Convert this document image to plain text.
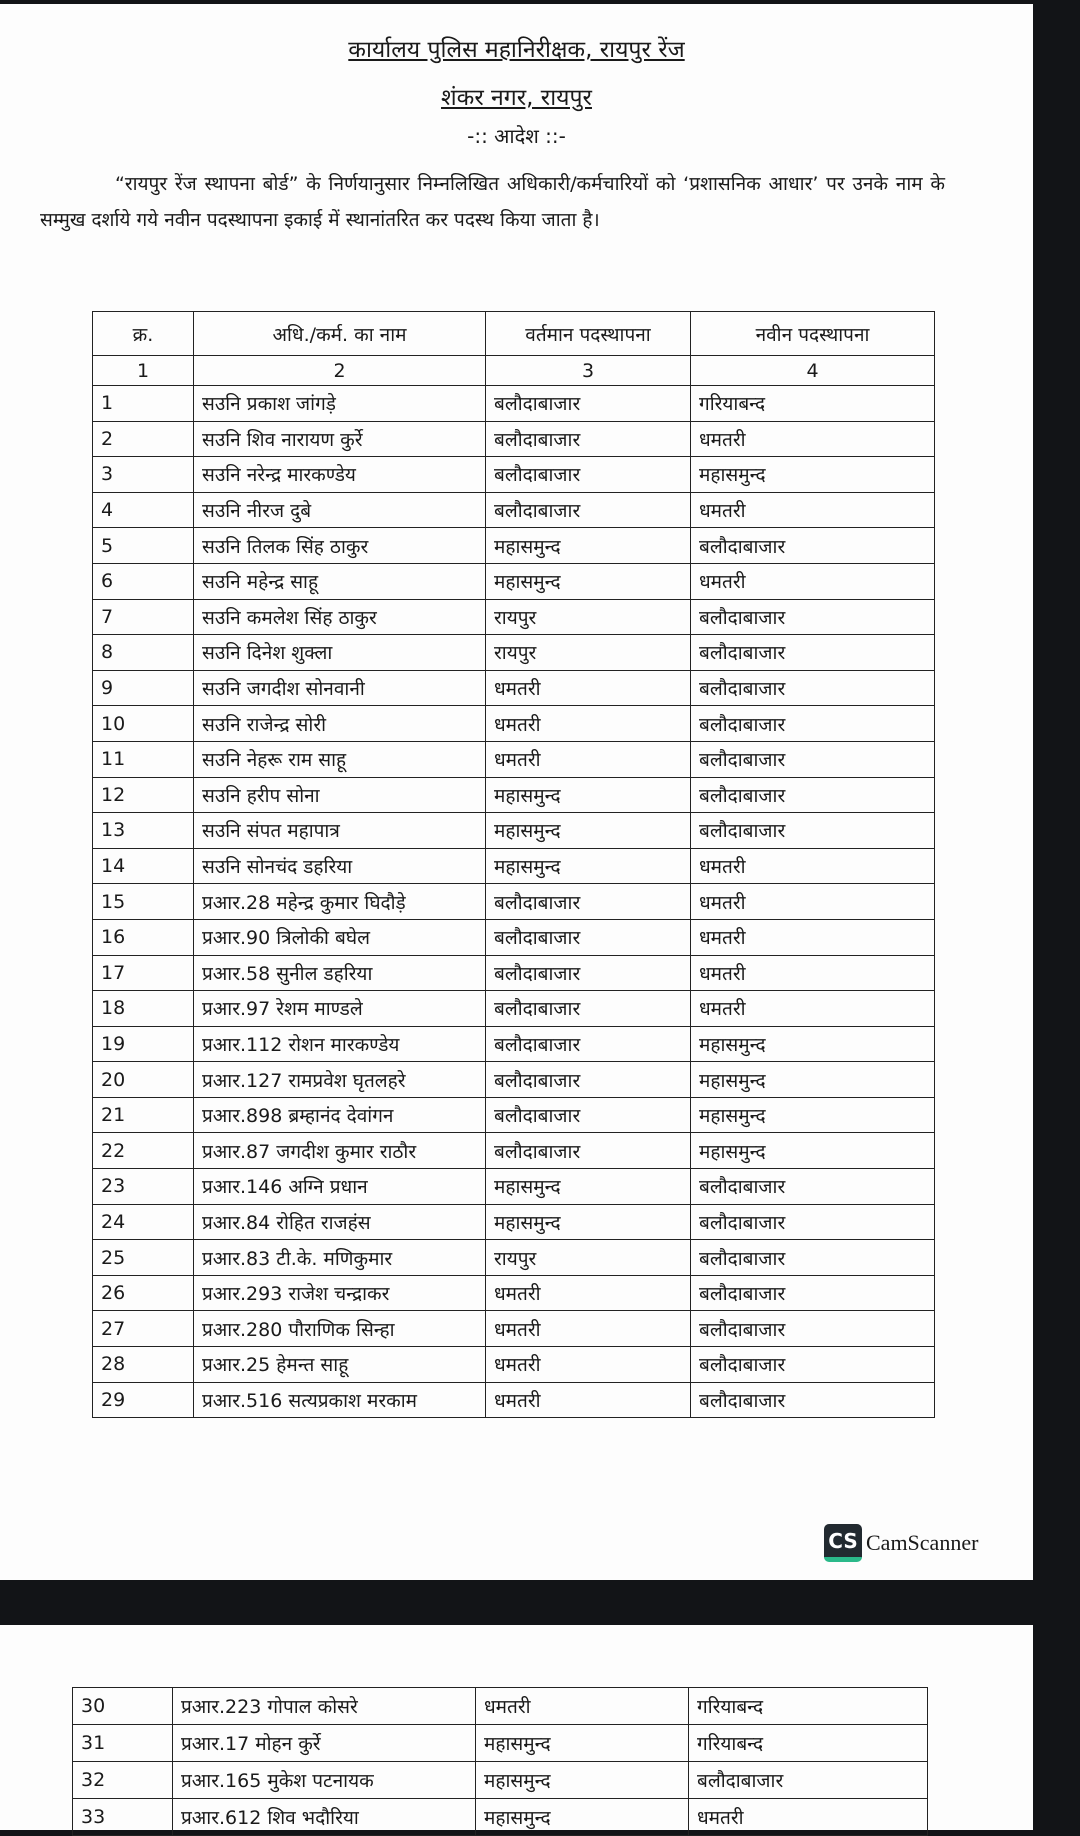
कार्यालय पुलिस महानिरीक्षक, रायपुर रेंज
शंकर नगर, रायपुर
-:: आदेश ::-
“रायपुर रेंज स्थापना बोर्ड” के निर्णयानुसार निम्नलिखित अधिकारी/कर्मचारियों को ‘प्रशासनिक आधार’ पर उनके नाम के सम्मुख दर्शाये गये नवीन पदस्थापना इकाई में स्थानांतरित कर पदस्थ किया जाता है।
क्र.	अधि./कर्म. का नाम	वर्तमान पदस्थापना	नवीन पदस्थापना
1	2	3	4
1	सउनि प्रकाश जांगड़े	बलौदाबाजार	गरियाबन्द
2	सउनि शिव नारायण कुर्रे	बलौदाबाजार	धमतरी
3	सउनि नरेन्द्र मारकण्डेय	बलौदाबाजार	महासमुन्द
4	सउनि नीरज दुबे	बलौदाबाजार	धमतरी
5	सउनि तिलक सिंह ठाकुर	महासमुन्द	बलौदाबाजार
6	सउनि महेन्द्र साहू	महासमुन्द	धमतरी
7	सउनि कमलेश सिंह ठाकुर	रायपुर	बलौदाबाजार
8	सउनि दिनेश शुक्ला	रायपुर	बलौदाबाजार
9	सउनि जगदीश सोनवानी	धमतरी	बलौदाबाजार
10	सउनि राजेन्द्र सोरी	धमतरी	बलौदाबाजार
11	सउनि नेहरू राम साहू	धमतरी	बलौदाबाजार
12	सउनि हरीप सोना	महासमुन्द	बलौदाबाजार
13	सउनि संपत महापात्र	महासमुन्द	बलौदाबाजार
14	सउनि सोनचंद डहरिया	महासमुन्द	धमतरी
15	प्रआर.28 महेन्द्र कुमार घिदौड़े	बलौदाबाजार	धमतरी
16	प्रआर.90 त्रिलोकी बघेल	बलौदाबाजार	धमतरी
17	प्रआर.58 सुनील डहरिया	बलौदाबाजार	धमतरी
18	प्रआर.97 रेशम माण्डले	बलौदाबाजार	धमतरी
19	प्रआर.112 रोशन मारकण्डेय	बलौदाबाजार	महासमुन्द
20	प्रआर.127 रामप्रवेश घृतलहरे	बलौदाबाजार	महासमुन्द
21	प्रआर.898 ब्रम्हानंद देवांगन	बलौदाबाजार	महासमुन्द
22	प्रआर.87 जगदीश कुमार राठौर	बलौदाबाजार	महासमुन्द
23	प्रआर.146 अग्नि प्रधान	महासमुन्द	बलौदाबाजार
24	प्रआर.84 रोहित राजहंस	महासमुन्द	बलौदाबाजार
25	प्रआर.83 टी.के. मणिकुमार	रायपुर	बलौदाबाजार
26	प्रआर.293 राजेश चन्द्राकर	धमतरी	बलौदाबाजार
27	प्रआर.280 पौराणिक सिन्हा	धमतरी	बलौदाबाजार
28	प्रआर.25 हेमन्त साहू	धमतरी	बलौदाबाजार
29	प्रआर.516 सत्यप्रकाश मरकाम	धमतरी	बलौदाबाजार
CS CamScanner
30	प्रआर.223 गोपाल कोसरे	धमतरी	गरियाबन्द
31	प्रआर.17 मोहन कुर्रे	महासमुन्द	गरियाबन्द
32	प्रआर.165 मुकेश पटनायक	महासमुन्द	बलौदाबाजार
33	प्रआर.612 शिव भदौरिया	महासमुन्द	धमतरी
